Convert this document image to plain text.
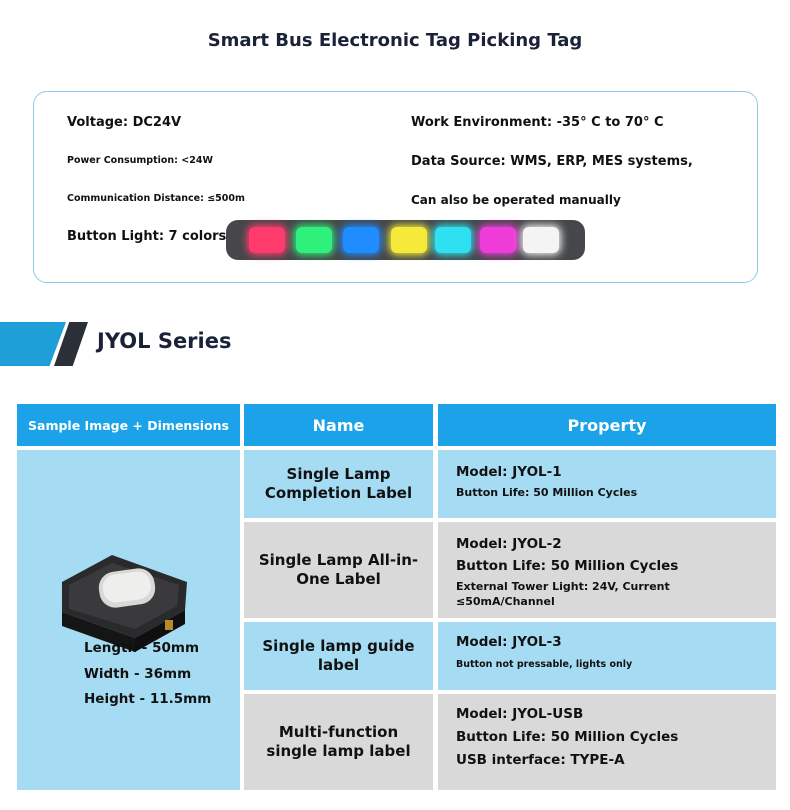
Smart Bus Electronic Tag Picking Tag
Voltage: DC24V
Power Consumption: <24W
Communication Distance: ≤500m
Button Light: 7 colors
Work Environment: -35° C to 70° C
Data Source: WMS, ERP, MES systems,
Can also be operated manually
JYOL Series
Sample Image + Dimensions	Name	Property
Length - 50mm
Width - 36mm
Height - 11.5mm
Single Lamp Completion Label
Model: JYOL-1
Button Life: 50 Million Cycles
Single Lamp All-in-One Label
Model: JYOL-2
Button Life: 50 Million Cycles
External Tower Light: 24V, Current ≤50mA/Channel
Single lamp guide label
Model: JYOL-3
Button not pressable, lights only
Multi-function single lamp label
Model: JYOL-USB
Button Life: 50 Million Cycles
USB interface: TYPE-A
